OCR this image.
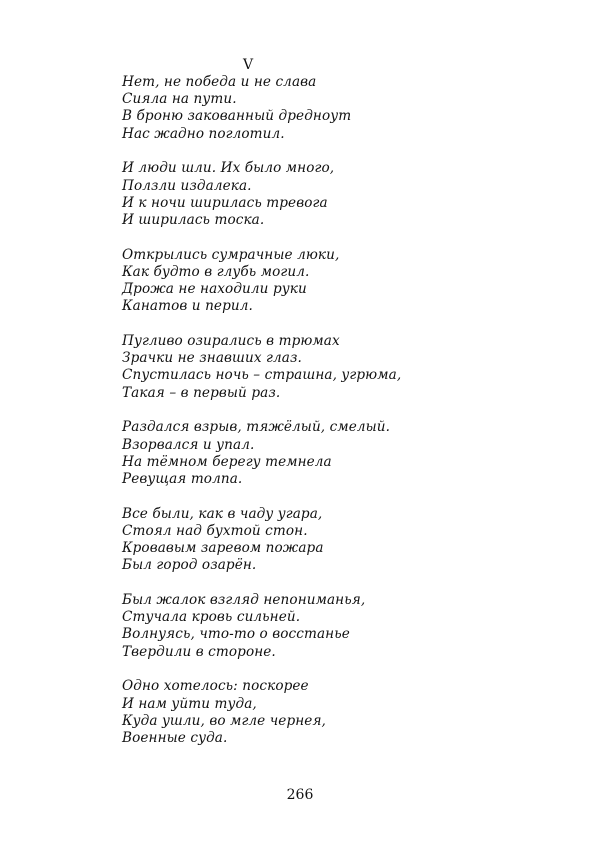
V
Нет, не победа и не слава
Сияла на пути.
В броню закованный дредноут
Нас жадно поглотил.
И люди шли. Их было много,
Ползли издалека.
И к ночи ширилась тревога
И ширилась тоска.
Открылись сумрачные люки,
Как будто в глубь могил.
Дрожа не находили руки
Канатов и перил.
Пугливо озирались в трюмах
Зрачки не знавших глаз.
Спустилась ночь – страшна, угрюма,
Такая – в первый раз.
Раздался взрыв, тяжёлый, смелый.
Взорвался и упал.
На тёмном берегу темнела
Ревущая толпа.
Все были, как в чаду угара,
Стоял над бухтой стон.
Кровавым заревом пожара
Был город озарён.
Был жалок взгляд непониманья,
Стучала кровь сильней.
Волнуясь, что-то о восстанье
Твердили в стороне.
Одно хотелось: поскорее
И нам уйти туда,
Куда ушли, во мгле чернея,
Военные суда.
266
